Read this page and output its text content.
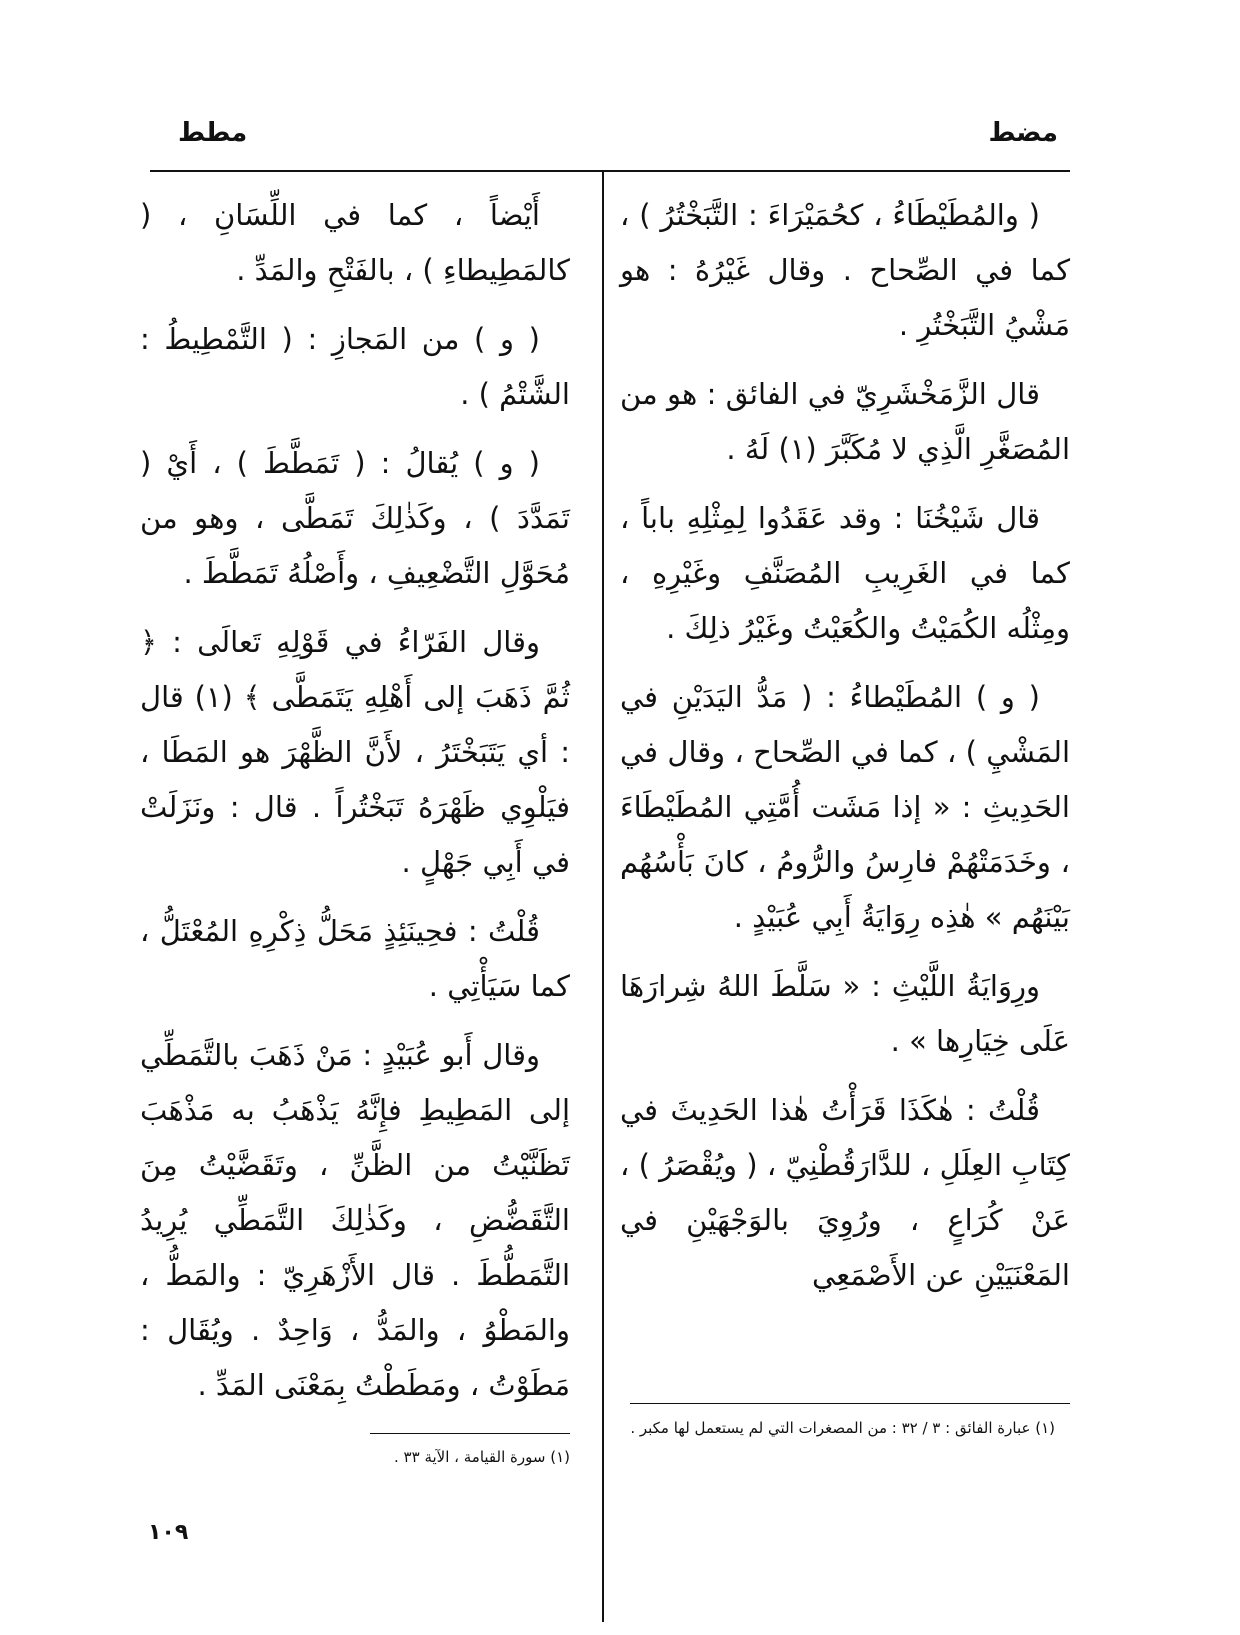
مضط
مطط

( والمُطَيْطَاءُ ، كحُمَيْرَاءَ : التَّبَخْتُرُ ) ، كما في الصِّحاح . وقال غَيْرُهُ : هو مَشْيُ التَّبَخْتُرِ .

قال الزَّمَخْشَرِيّ في الفائق : هو من المُصَغَّرِ الَّذِي لا مُكَبَّرَ (١) لَهُ .

قال شَيْخُنَا : وقد عَقَدُوا لِمِثْلِهِ باباً ، كما في الغَرِيبِ المُصَنَّفِ وغَيْرِهِ ، ومِثْلُه الكُمَيْتُ والكُعَيْتُ وغَيْرُ ذلِكَ .

( و ) المُطَيْطاءُ : ( مَدُّ اليَدَيْنِ في المَشْيِ ) ، كما في الصِّحاح ، وقال في الحَدِيثِ : « إذا مَشَت أُمَّتِي المُطَيْطَاءَ ، وخَدَمَتْهُمْ فارِسُ والرُّومُ ، كانَ بَأْسُهُم بَيْنَهُم » هٰذِه رِوَايَةُ أَبِي عُبَيْدٍ .

ورِوَايَةُ اللَّيْثِ : « سَلَّطَ اللهُ شِرارَهَا عَلَى خِيَارِها » .

قُلْتُ : هٰكَذَا قَرَأْتُ هٰذا الحَدِيثَ في كِتَابِ العِلَلِ ، للدَّارَقُطْنِيّ ، ( ويُقْصَرُ ) ، عَنْ كُرَاعٍ ، ورُوِيَ بالوَجْهَيْنِ في المَعْنَيَيْنِ عن الأَصْمَعِي

أَيْضاً ، كما في اللِّسَانِ ، ( كالمَطِيطاءِ ) ، بالفَتْحِ والمَدِّ .

( و ) من المَجازِ : ( التَّمْطِيطُ : الشَّتْمُ ) .

( و ) يُقالُ : ( تَمَطَّطَ ) ، أَيْ ( تَمَدَّدَ ) ، وكَذٰلِكَ تَمَطَّى ، وهو من مُحَوَّلِ التَّضْعِيفِ ، وأَصْلُهُ تَمَطَّطَ .

وقال الفَرّاءُ في قَوْلِهِ تَعالَى : ﴿ ثُمَّ ذَهَبَ إلى أَهْلِهِ يَتَمَطَّى ﴾ (١) قال : أي يَتَبَخْتَرُ ، لأَنَّ الظَّهْرَ هو المَطَا ، فيَلْوِي ظَهْرَهُ تَبَخْتُراً . قال : ونَزَلَتْ في أَبِي جَهْلٍ .

قُلْتُ : فحِينَئِذٍ مَحَلُّ ذِكْرِهِ المُعْتَلُّ ، كما سَيَأْتِي .

وقال أَبو عُبَيْدٍ : مَنْ ذَهَبَ بالتَّمَطِّي إلى المَطِيطِ فإِنَّهُ يَذْهَبُ به مَذْهَبَ تَظَنَّيْتُ من الظَّنِّ ، وتَقَضَّيْتُ مِنَ التَّقَضُّضِ ، وكَذٰلِكَ التَّمَطِّي يُرِيدُ التَّمَطُّطَ . قال الأَزْهَرِيّ : والمَطُّ ، والمَطْوُ ، والمَدُّ ، وَاحِدٌ . ويُقَال : مَطَوْتُ ، ومَطَطْتُ بِمَعْنَى المَدِّ .

(١) عبارة الفائق : ٣ / ٣٢ : من المصغرات التي لم يستعمل لها مكبر .
(١) سورة القيامة ، الآية ٣٣ .
١٠٩
